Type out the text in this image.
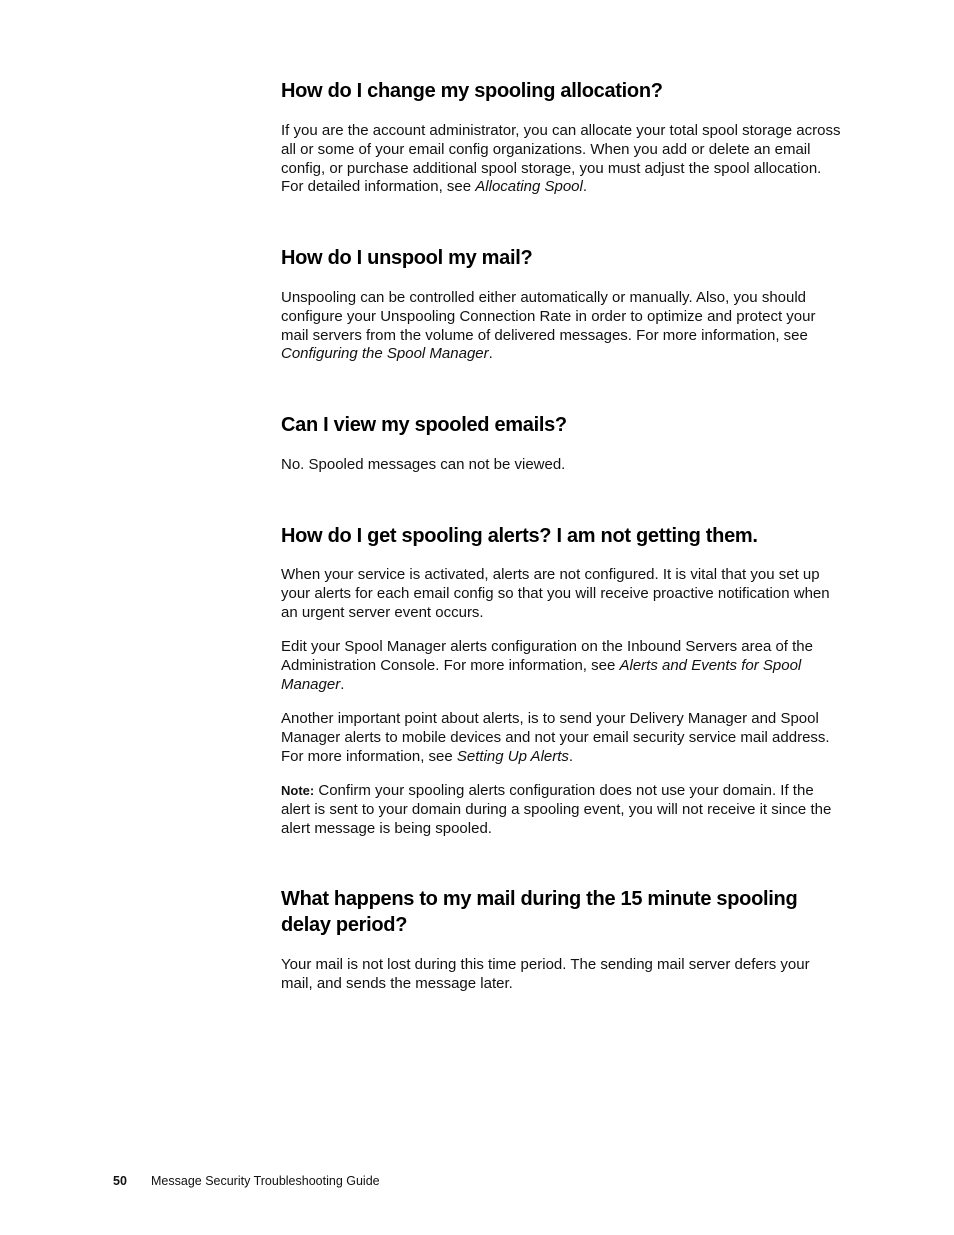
How do I change my spooling allocation?

If you are the account administrator, you can allocate your total spool storage across all or some of your email config organizations. When you add or delete an email config, or purchase additional spool storage, you must adjust the spool allocation. For detailed information, see Allocating Spool.

How do I unspool my mail?

Unspooling can be controlled either automatically or manually. Also, you should configure your Unspooling Connection Rate in order to optimize and protect your mail servers from the volume of delivered messages. For more information, see Configuring the Spool Manager.

Can I view my spooled emails?

No. Spooled messages can not be viewed.

How do I get spooling alerts? I am not getting them.

When your service is activated, alerts are not configured. It is vital that you set up your alerts for each email config so that you will receive proactive notification when an urgent server event occurs.

Edit your Spool Manager alerts configuration on the Inbound Servers area of the Administration Console. For more information, see Alerts and Events for Spool Manager.

Another important point about alerts, is to send your Delivery Manager and Spool Manager alerts to mobile devices and not your email security service mail address. For more information, see Setting Up Alerts.

Note: Confirm your spooling alerts configuration does not use your domain. If the alert is sent to your domain during a spooling event, you will not receive it since the alert message is being spooled.

What happens to my mail during the 15 minute spooling delay period?

Your mail is not lost during this time period. The sending mail server defers your mail, and sends the message later.

50 Message Security Troubleshooting Guide
